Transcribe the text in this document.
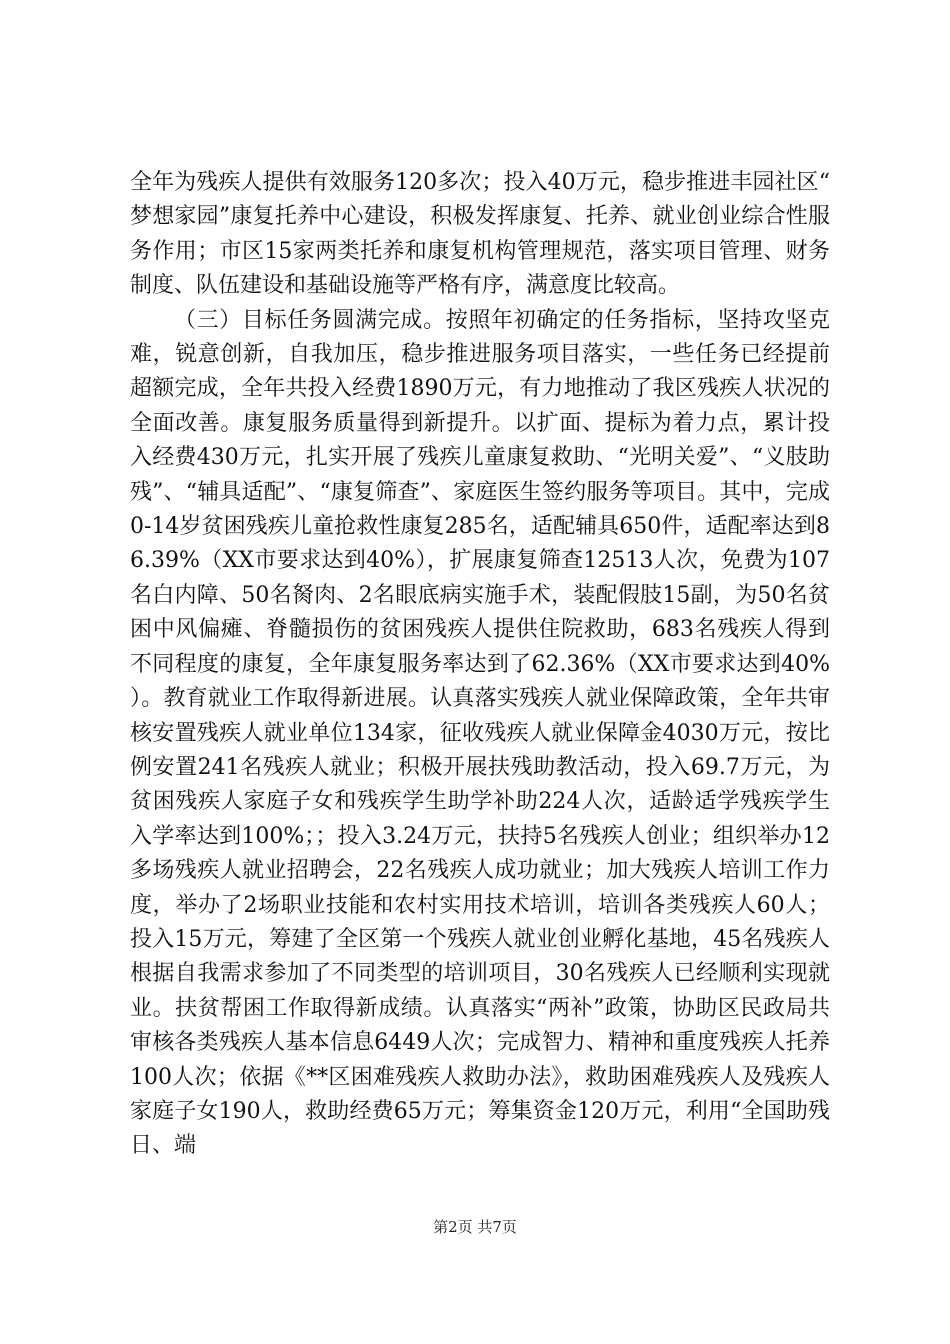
全年为残疾人提供有效服务120多次；投入40万元，稳步推进丰园社区“梦想家园”康复托养中心建设，积极发挥康复、托养、就业创业综合性服务作用；市区15家两类托养和康复机构管理规范，落实项目管理、财务制度、队伍建设和基础设施等严格有序，满意度比较高。

（三）目标任务圆满完成。按照年初确定的任务指标，坚持攻坚克难，锐意创新，自我加压，稳步推进服务项目落实，一些任务已经提前超额完成，全年共投入经费1890万元，有力地推动了我区残疾人状况的全面改善。康复服务质量得到新提升。以扩面、提标为着力点，累计投入经费430万元，扎实开展了残疾儿童康复救助、“光明关爱”、“义肢助残”、“辅具适配”、“康复筛查”、家庭医生签约服务等项目。其中，完成0-14岁贫困残疾儿童抢救性康复285名，适配辅具650件，适配率达到86.39%（XX市要求达到40%），扩展康复筛查12513人次，免费为107名白内障、50名胬肉、2名眼底病实施手术，装配假肢15副，为50名贫困中风偏瘫、脊髓损伤的贫困残疾人提供住院救助，683名残疾人得到不同程度的康复，全年康复服务率达到了62.36%（XX市要求达到40%）。教育就业工作取得新进展。认真落实残疾人就业保障政策，全年共审核安置残疾人就业单位134家，征收残疾人就业保障金4030万元，按比例安置241名残疾人就业；积极开展扶残助教活动，投入69.7万元，为贫困残疾人家庭子女和残疾学生助学补助224人次，适龄适学残疾学生入学率达到100%；；投入3.24万元，扶持5名残疾人创业；组织举办12多场残疾人就业招聘会，22名残疾人成功就业；加大残疾人培训工作力度，举办了2场职业技能和农村实用技术培训，培训各类残疾人60人；投入15万元，筹建了全区第一个残疾人就业创业孵化基地，45名残疾人根据自我需求参加了不同类型的培训项目，30名残疾人已经顺利实现就业。扶贫帮困工作取得新成绩。认真落实“两补”政策，协助区民政局共审核各类残疾人基本信息6449人次；完成智力、精神和重度残疾人托养100人次；依据《**区困难残疾人救助办法》，救助困难残疾人及残疾人家庭子女190人，救助经费65万元；筹集资金120万元，利用“全国助残日、端

第2页 共7页
